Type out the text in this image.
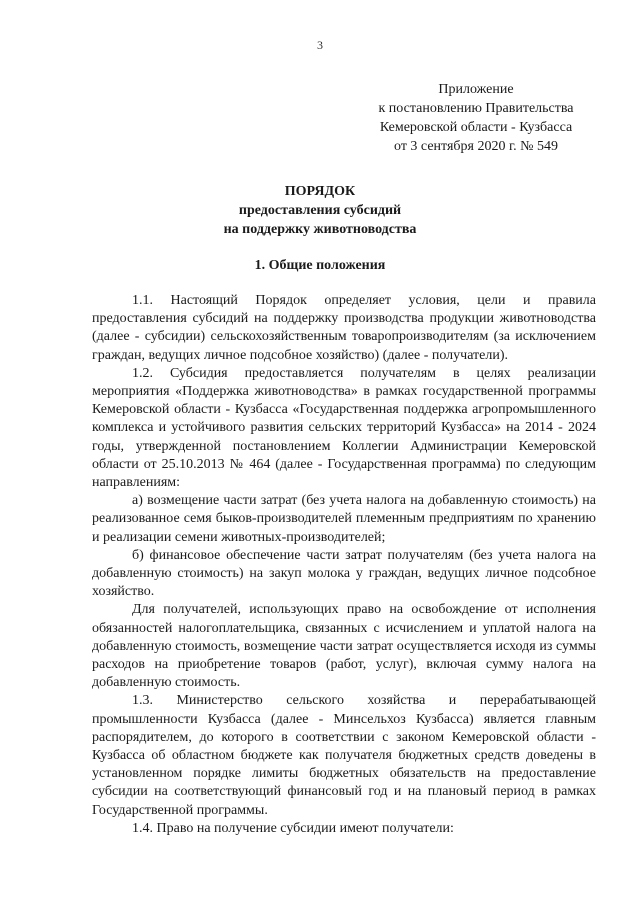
3
Приложение
к постановлению Правительства
Кемеровской области - Кузбасса
от 3 сентября 2020 г. № 549
ПОРЯДОК
предоставления субсидий
на поддержку животноводства
1. Общие положения

1.1. Настоящий Порядок определяет условия, цели и правила предоставления субсидий на поддержку производства продукции животноводства (далее - субсидии) сельскохозяйственным товаропроизводителям (за исключением граждан, ведущих личное подсобное хозяйство) (далее - получатели).

1.2. Субсидия предоставляется получателям в целях реализации мероприятия «Поддержка животноводства» в рамках государственной программы Кемеровской области - Кузбасса «Государственная поддержка агропромышленного комплекса и устойчивого развития сельских территорий Кузбасса» на 2014 - 2024 годы, утвержденной постановлением Коллегии Администрации Кемеровской области от 25.10.2013 № 464 (далее - Государственная программа) по следующим направлениям:

а) возмещение части затрат (без учета налога на добавленную стоимость) на реализованное семя быков-производителей племенным предприятиям по хранению и реализации семени животных-производителей;

б) финансовое обеспечение части затрат получателям (без учета налога на добавленную стоимость) на закуп молока у граждан, ведущих личное подсобное хозяйство.

Для получателей, использующих право на освобождение от исполнения обязанностей налогоплательщика, связанных с исчислением и уплатой налога на добавленную стоимость, возмещение части затрат осуществляется исходя из суммы расходов на приобретение товаров (работ, услуг), включая сумму налога на добавленную стоимость.

1.3. Министерство сельского хозяйства и перерабатывающей промышленности Кузбасса (далее - Минсельхоз Кузбасса) является главным распорядителем, до которого в соответствии с законом Кемеровской области - Кузбасса об областном бюджете как получателя бюджетных средств доведены в установленном порядке лимиты бюджетных обязательств на предоставление субсидии на соответствующий финансовый год и на плановый период в рамках Государственной программы.

1.4. Право на получение субсидии имеют получатели:
